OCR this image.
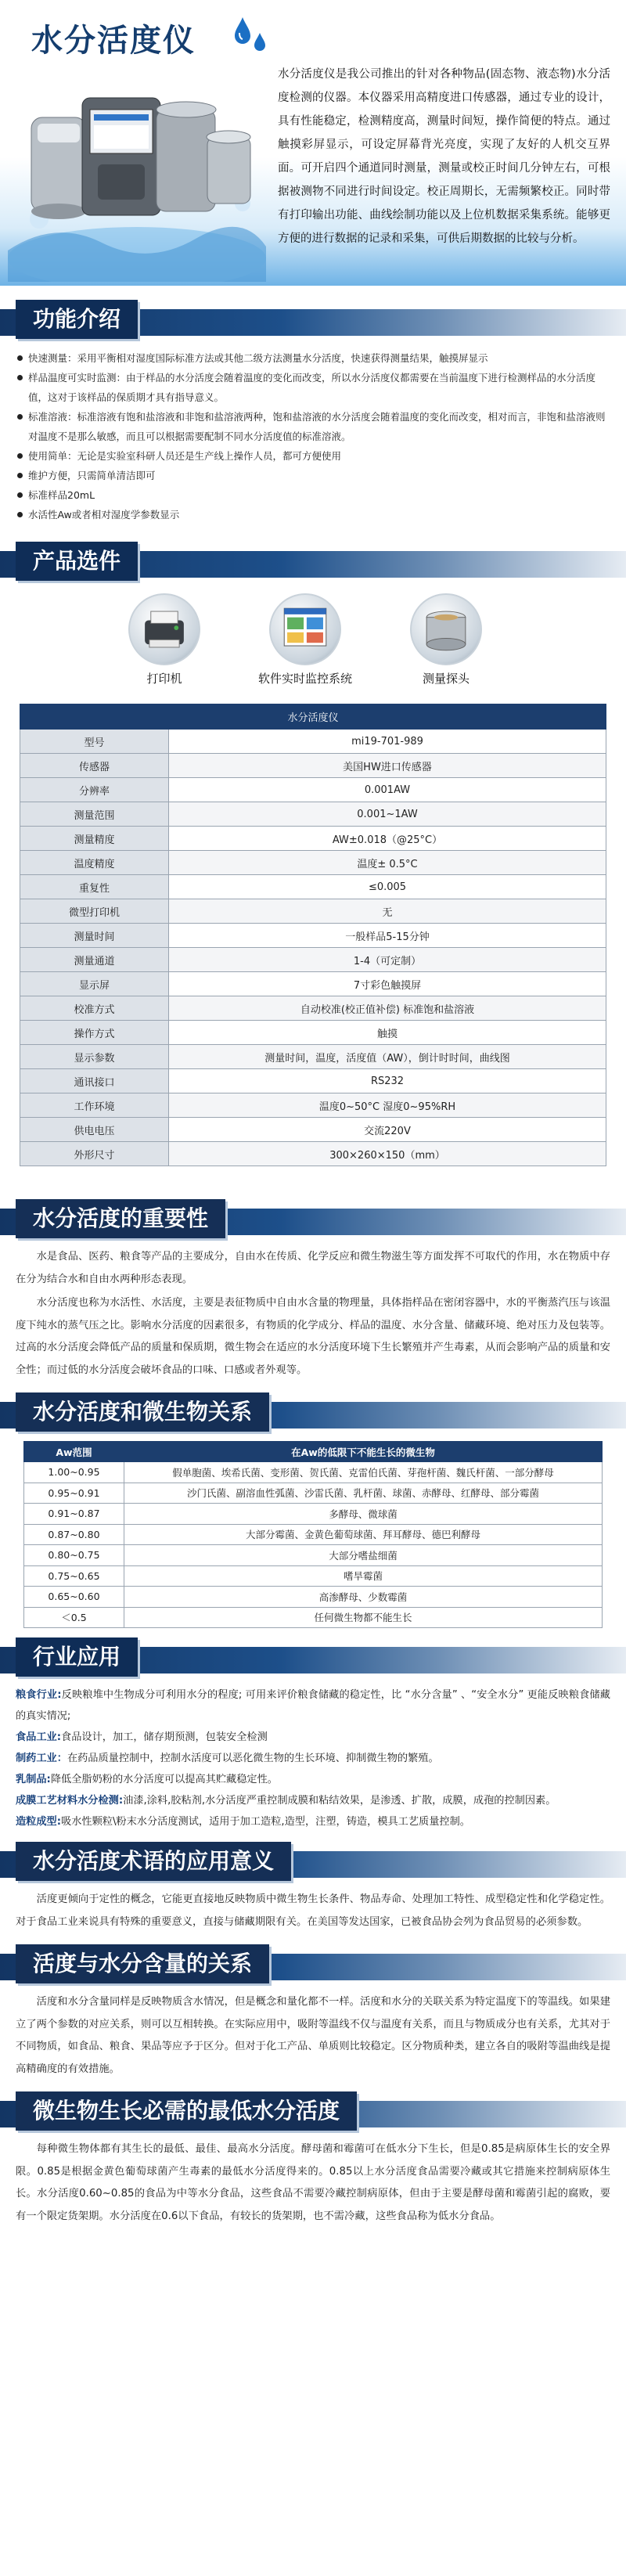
水分活度仪
水分活度仪是我公司推出的针对各种物品(固态物、液态物)水分活度检测的仪器。本仪器采用高精度进口传感器，通过专业的设计，具有性能稳定，检测精度高，测量时间短，操作简便的特点。通过触摸彩屏显示，可设定屏幕背光亮度，实现了友好的人机交互界面。可开启四个通道同时测量，测量或校正时间几分钟左右，可根据被测物不同进行时间设定。校正周期长，无需频繁校正。同时带有打印输出功能、曲线绘制功能以及上位机数据采集系统。能够更方便的进行数据的记录和采集，可供后期数据的比较与分析。
功能介绍
快速测量：采用平衡相对湿度国际标准方法或其他二级方法测量水分活度，快速获得测量结果，触摸屏显示
样品温度可实时监测：由于样品的水分活度会随着温度的变化而改变，所以水分活度仪都需要在当前温度下进行检测样品的水分活度值，这对于该样品的保质期才具有指导意义。
标准溶液：标准溶液有饱和盐溶液和非饱和盐溶液两种，饱和盐溶液的水分活度会随着温度的变化而改变，相对而言，非饱和盐溶液则对温度不是那么敏感，而且可以根据需要配制不同水分活度值的标准溶液。
使用简单：无论是实验室科研人员还是生产线上操作人员，都可方便使用
维护方便，只需简单清洁即可
标准样品20mL
水活性Aw或者相对湿度学参数显示
产品选件
打印机	软件实时监控系统	测量探头
水分活度仪	
型号	mi19-701-989
传感器	美国HW进口传感器
分辨率	0.001AW
测量范围	0.001~1AW
测量精度	AW±0.018（@25°C）
温度精度	温度± 0.5°C
重复性	≤0.005
微型打印机	无
测量时间	一般样品5-15分钟
测量通道	1-4（可定制）
显示屏	7寸彩色触摸屏
校准方式	自动校准(校正值补偿) 标准饱和盐溶液
操作方式	触摸
显示参数	测量时间，温度，活度值（AW），倒计时时间，曲线图
通讯接口	RS232
工作环境	温度0~50°C 湿度0~95%RH
供电电压	交流220V
外形尺寸	300×260×150（mm）
水分活度的重要性

水是食品、医药、粮食等产品的主要成分，自由水在传质、化学反应和微生物滋生等方面发挥不可取代的作用，水在物质中存在分为结合水和自由水两种形态表现。

水分活度也称为水活性、水活度，主要是表征物质中自由水含量的物理量，具体指样品在密闭容器中，水的平衡蒸汽压与该温度下纯水的蒸气压之比。影响水分活度的因素很多，有物质的化学成分、样品的温度、水分含量、储藏环境、绝对压力及包装等。过高的水分活度会降低产品的质量和保质期，微生物会在适应的水分活度环境下生长繁殖并产生毒素，从而会影响产品的质量和安全性；而过低的水分活度会破坏食品的口味、口感或者外观等。

水分活度和微生物关系
Aw范围	在Aw的低限下不能生长的微生物
1.00~0.95	假单胞菌、埃希氏菌、变形菌、贺氏菌、克雷伯氏菌、芽孢杆菌、魏氏杆菌、一部分酵母
0.95~0.91	沙门氏菌、副溶血性弧菌、沙雷氏菌、乳杆菌、球菌、赤酵母、红酵母、部分霉菌
0.91~0.87	多酵母、微球菌
0.87~0.80	大部分霉菌、金黄色葡萄球菌、拜耳酵母、德巴利酵母
0.80~0.75	大部分嗜盐细菌
0.75~0.65	嗜旱霉菌
0.65~0.60	高渗酵母、少数霉菌
＜0.5	任何微生物都不能生长
行业应用

粮食行业:反映粮堆中生物成分可利用水分的程度; 可用来评价粮食储藏的稳定性，比 “水分含量” 、“安全水分” 更能反映粮食储藏的真实情况;

食品工业:食品设计，加工，储存期预测，包装安全检测

制药工业：在药品质量控制中，控制水活度可以恶化微生物的生长环境、抑制微生物的繁殖。

乳制品:降低全脂奶粉的水分活度可以提高其贮藏稳定性。

成膜工艺材料水分检测:油漆,涂料,胶粘剂,水分活度严重控制成膜和粘结效果，是渗透、扩散，成膜，成孢的控制因素。

造粒成型:吸水性颗粒\粉末水分活度测试，适用于加工造粒,造型，注塑，铸造，模具工艺质量控制。

水分活度术语的应用意义

活度更倾向于定性的概念，它能更直接地反映物质中微生物生长条件、物品寿命、处理加工特性、成型稳定性和化学稳定性。对于食品工业来说具有特殊的重要意义，直接与储藏期限有关。在美国等发达国家，已被食品协会列为食品贸易的必须参数。

活度与水分含量的关系

活度和水分含量同样是反映物质含水情况，但是概念和量化都不一样。活度和水分的关联关系为特定温度下的等温线。如果建立了两个参数的对应关系，则可以互相转换。在实际应用中，吸附等温线不仅与温度有关系，而且与物质成分也有关系，尤其对于不同物质，如食品、粮食、果品等应予于区分。但对于化工产品、单质则比较稳定。区分物质种类，建立各自的吸附等温曲线是提高精确度的有效措施。

微生物生长必需的最低水分活度

每种微生物体都有其生长的最低、最佳、最高水分活度。酵母菌和霉菌可在低水分下生长，但是0.85是病原体生长的安全界限。0.85是根据金黄色葡萄球菌产生毒素的最低水分活度得来的。0.85以上水分活度食品需要冷藏或其它措施来控制病原体生长。水分活度0.60~0.85的食品为中等水分食品，这些食品不需要冷藏控制病原体，但由于主要是酵母菌和霉菌引起的腐败，要有一个限定货架期。水分活度在0.6以下食品，有较长的货架期，也不需冷藏，这些食品称为低水分食品。
